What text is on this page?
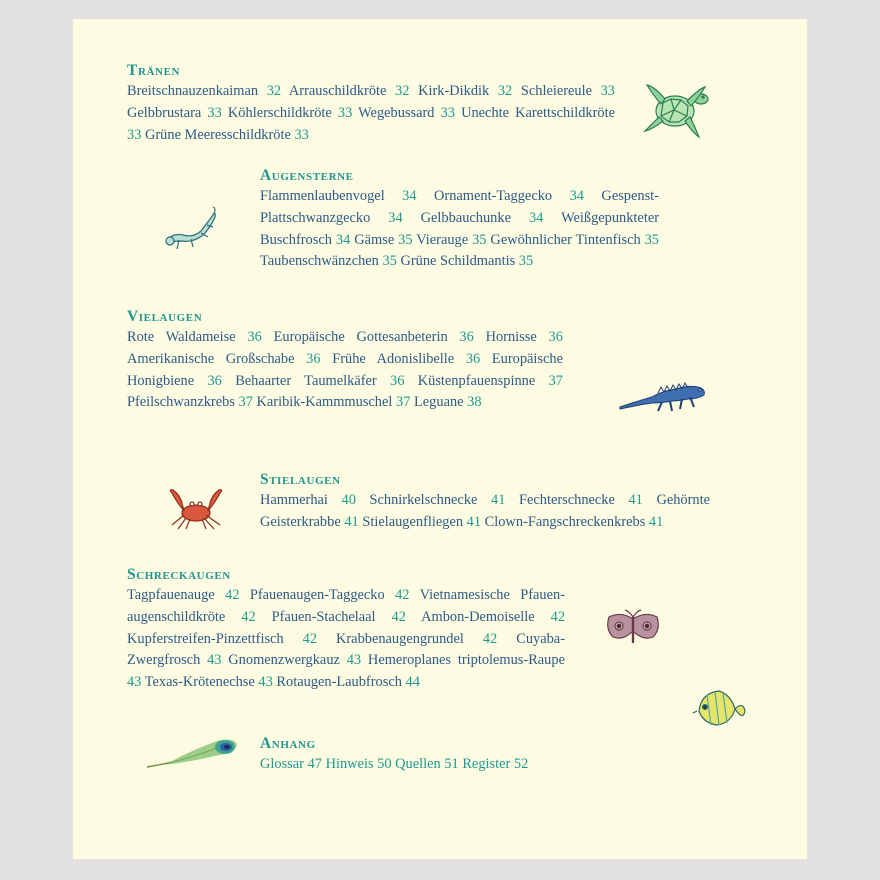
Tränen
Breitschnauzenkaiman 32 Arrauschildkröte 32 Kirk-Dikdik 32 Schleiereule 33 Gelbbrustara 33 Köhlerschildkröte 33 Wegebussard 33 Unechte Karettschildkröte 33 Grüne Meeresschildkröte 33
Augensterne
Flammenlaubenvogel 34 Ornament-Taggecko 34 Gespenst-Plattschwanzgecko 34 Gelbbauchunke 34 Weißgepunkteter Buschfrosch 34 Gämse 35 Vierauge 35 Gewöhnlicher Tintenfisch 35 Taubenschwänzchen 35 Grüne Schildmantis 35
Vielaugen
Rote Waldameise 36 Europäische Gottesanbeterin 36 Hornisse 36 Amerikanische Großschabe 36 Frühe Adonislibelle 36 Europäische Honigbiene 36 Behaarter Taumelkäfer 36 Küstenpfauenspinne 37 Pfeilschwanzkrebs 37 Karibik-Kammmuschel 37 Leguane 38
Stielaugen
Hammerhai 40 Schnirkelschnecke 41 Fechterschnecke 41 Gehörnte Geisterkrabbe 41 Stielaugenfliegen 41 Clown-Fangschreckenkrebs 41
Schreckaugen
Tagpfauenauge 42 Pfauenaugen-Taggecko 42 Vietnamesische Pfauenaugenschildkröte 42 Pfauen-Stachelaal 42 Ambon-Demoiselle 42 Kupferstreifen-Pinzettfisch 42 Krabbenaugengrundel 42 Cuyaba-Zwergfrosch 43 Gnomenzwergkauz 43 Hemeroplanes triptolemus-Raupe 43 Texas-Krötenechse 43 Rotaugen-Laubfrosch 44
Anhang
Glossar 47 Hinweis 50 Quellen 51 Register 52
